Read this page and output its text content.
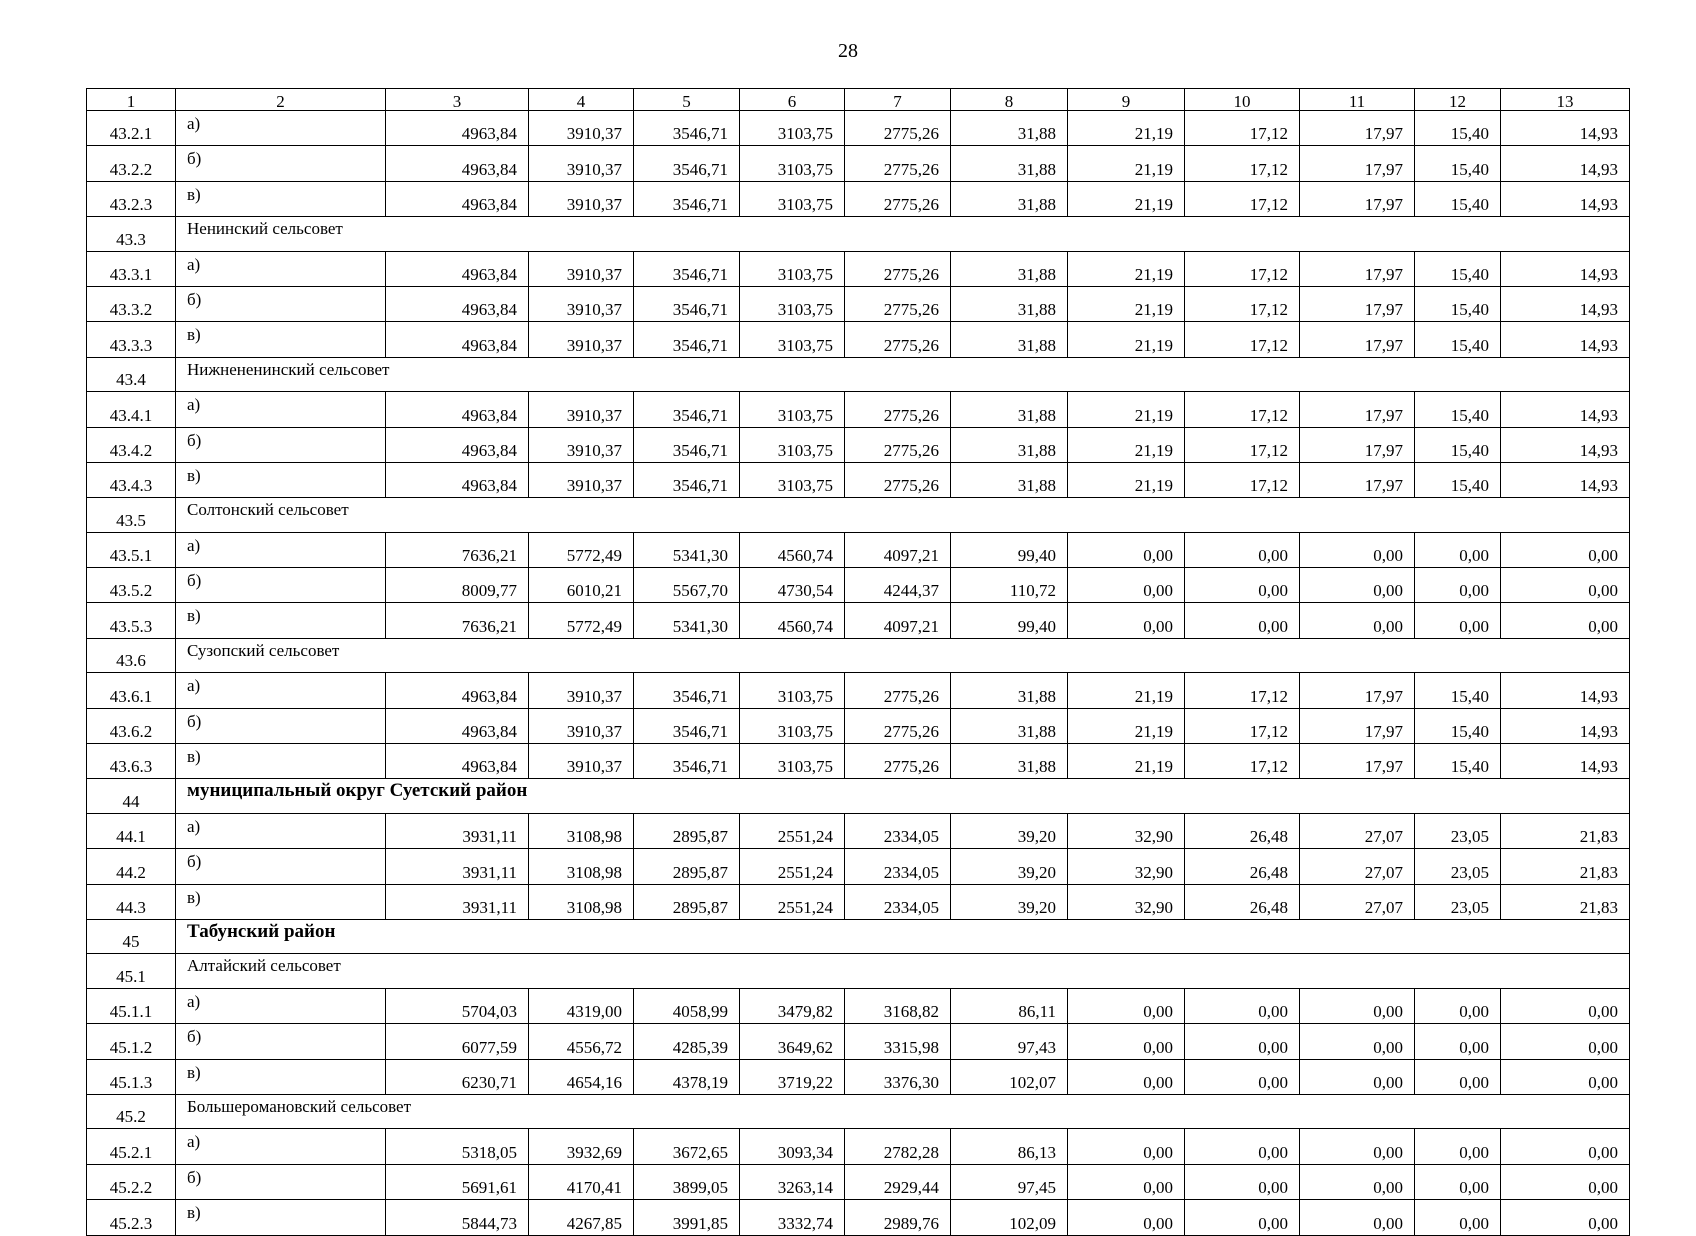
28
1	2	3	4	5	6	7	8	9	10	11	12	13
43.2.1	а)	4963,84	3910,37	3546,71	3103,75	2775,26	31,88	21,19	17,12	17,97	15,40	14,93
43.2.2	б)	4963,84	3910,37	3546,71	3103,75	2775,26	31,88	21,19	17,12	17,97	15,40	14,93
43.2.3	в)	4963,84	3910,37	3546,71	3103,75	2775,26	31,88	21,19	17,12	17,97	15,40	14,93
43.3	Ненинский сельсовет											
43.3.1	а)	4963,84	3910,37	3546,71	3103,75	2775,26	31,88	21,19	17,12	17,97	15,40	14,93
43.3.2	б)	4963,84	3910,37	3546,71	3103,75	2775,26	31,88	21,19	17,12	17,97	15,40	14,93
43.3.3	в)	4963,84	3910,37	3546,71	3103,75	2775,26	31,88	21,19	17,12	17,97	15,40	14,93
43.4	Нижнененинский сельсовет											
43.4.1	а)	4963,84	3910,37	3546,71	3103,75	2775,26	31,88	21,19	17,12	17,97	15,40	14,93
43.4.2	б)	4963,84	3910,37	3546,71	3103,75	2775,26	31,88	21,19	17,12	17,97	15,40	14,93
43.4.3	в)	4963,84	3910,37	3546,71	3103,75	2775,26	31,88	21,19	17,12	17,97	15,40	14,93
43.5	Солтонский сельсовет											
43.5.1	а)	7636,21	5772,49	5341,30	4560,74	4097,21	99,40	0,00	0,00	0,00	0,00	0,00
43.5.2	б)	8009,77	6010,21	5567,70	4730,54	4244,37	110,72	0,00	0,00	0,00	0,00	0,00
43.5.3	в)	7636,21	5772,49	5341,30	4560,74	4097,21	99,40	0,00	0,00	0,00	0,00	0,00
43.6	Сузопский сельсовет											
43.6.1	а)	4963,84	3910,37	3546,71	3103,75	2775,26	31,88	21,19	17,12	17,97	15,40	14,93
43.6.2	б)	4963,84	3910,37	3546,71	3103,75	2775,26	31,88	21,19	17,12	17,97	15,40	14,93
43.6.3	в)	4963,84	3910,37	3546,71	3103,75	2775,26	31,88	21,19	17,12	17,97	15,40	14,93
44	муниципальный округ Суетский район											
44.1	а)	3931,11	3108,98	2895,87	2551,24	2334,05	39,20	32,90	26,48	27,07	23,05	21,83
44.2	б)	3931,11	3108,98	2895,87	2551,24	2334,05	39,20	32,90	26,48	27,07	23,05	21,83
44.3	в)	3931,11	3108,98	2895,87	2551,24	2334,05	39,20	32,90	26,48	27,07	23,05	21,83
45	Табунский район											
45.1	Алтайский сельсовет											
45.1.1	а)	5704,03	4319,00	4058,99	3479,82	3168,82	86,11	0,00	0,00	0,00	0,00	0,00
45.1.2	б)	6077,59	4556,72	4285,39	3649,62	3315,98	97,43	0,00	0,00	0,00	0,00	0,00
45.1.3	в)	6230,71	4654,16	4378,19	3719,22	3376,30	102,07	0,00	0,00	0,00	0,00	0,00
45.2	Большеромановский сельсовет											
45.2.1	а)	5318,05	3932,69	3672,65	3093,34	2782,28	86,13	0,00	0,00	0,00	0,00	0,00
45.2.2	б)	5691,61	4170,41	3899,05	3263,14	2929,44	97,45	0,00	0,00	0,00	0,00	0,00
45.2.3	в)	5844,73	4267,85	3991,85	3332,74	2989,76	102,09	0,00	0,00	0,00	0,00	0,00
